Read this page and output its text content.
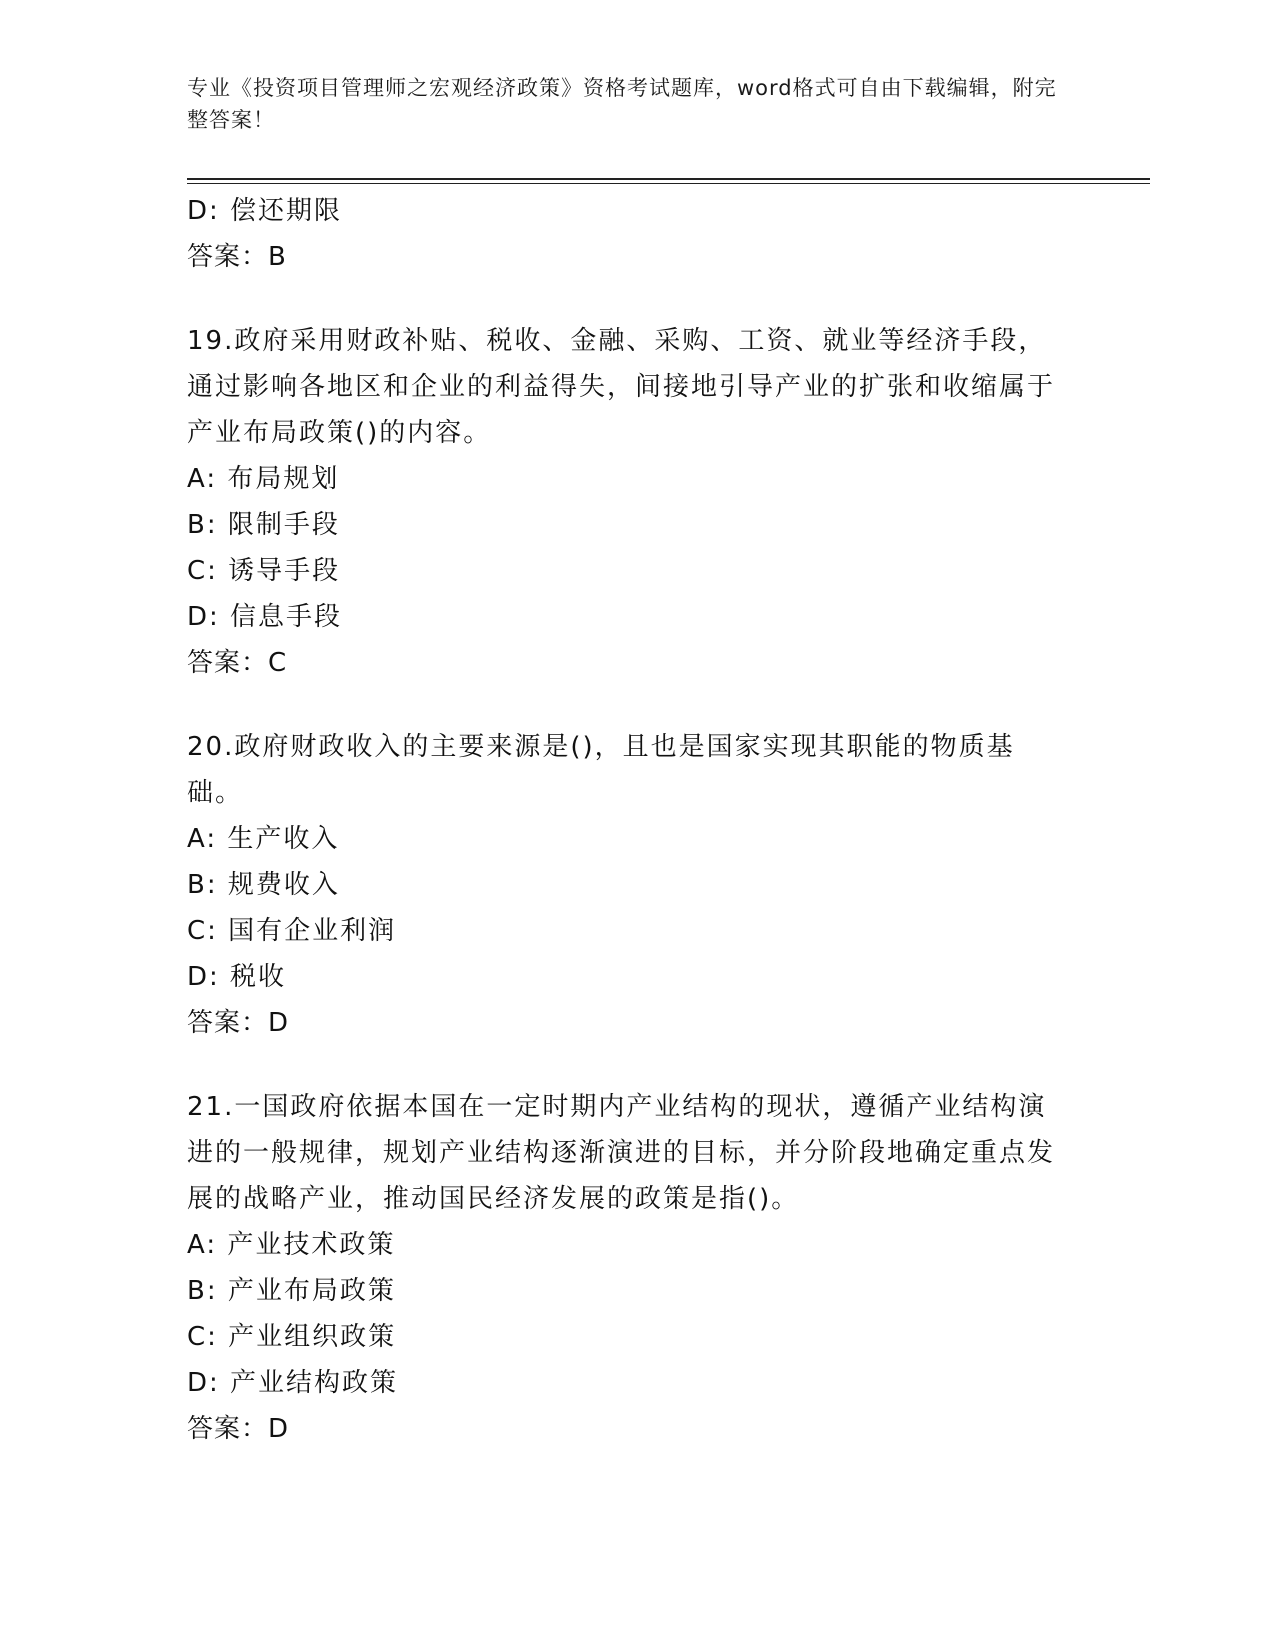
专业《投资项目管理师之宏观经济政策》资格考试题库，word格式可自由下载编辑，附完整答案！
D: 偿还期限
答案：B
19.政府采用财政补贴、税收、金融、采购、工资、就业等经济手段，通过影响各地区和企业的利益得失，间接地引导产业的扩张和收缩属于产业布局政策()的内容。
A: 布局规划
B: 限制手段
C: 诱导手段
D: 信息手段
答案：C
20.政府财政收入的主要来源是()，且也是国家实现其职能的物质基础。
A: 生产收入
B: 规费收入
C: 国有企业利润
D: 税收
答案：D
21.一国政府依据本国在一定时期内产业结构的现状，遵循产业结构演进的一般规律，规划产业结构逐渐演进的目标，并分阶段地确定重点发展的战略产业，推动国民经济发展的政策是指()。
A: 产业技术政策
B: 产业布局政策
C: 产业组织政策
D: 产业结构政策
答案：D
